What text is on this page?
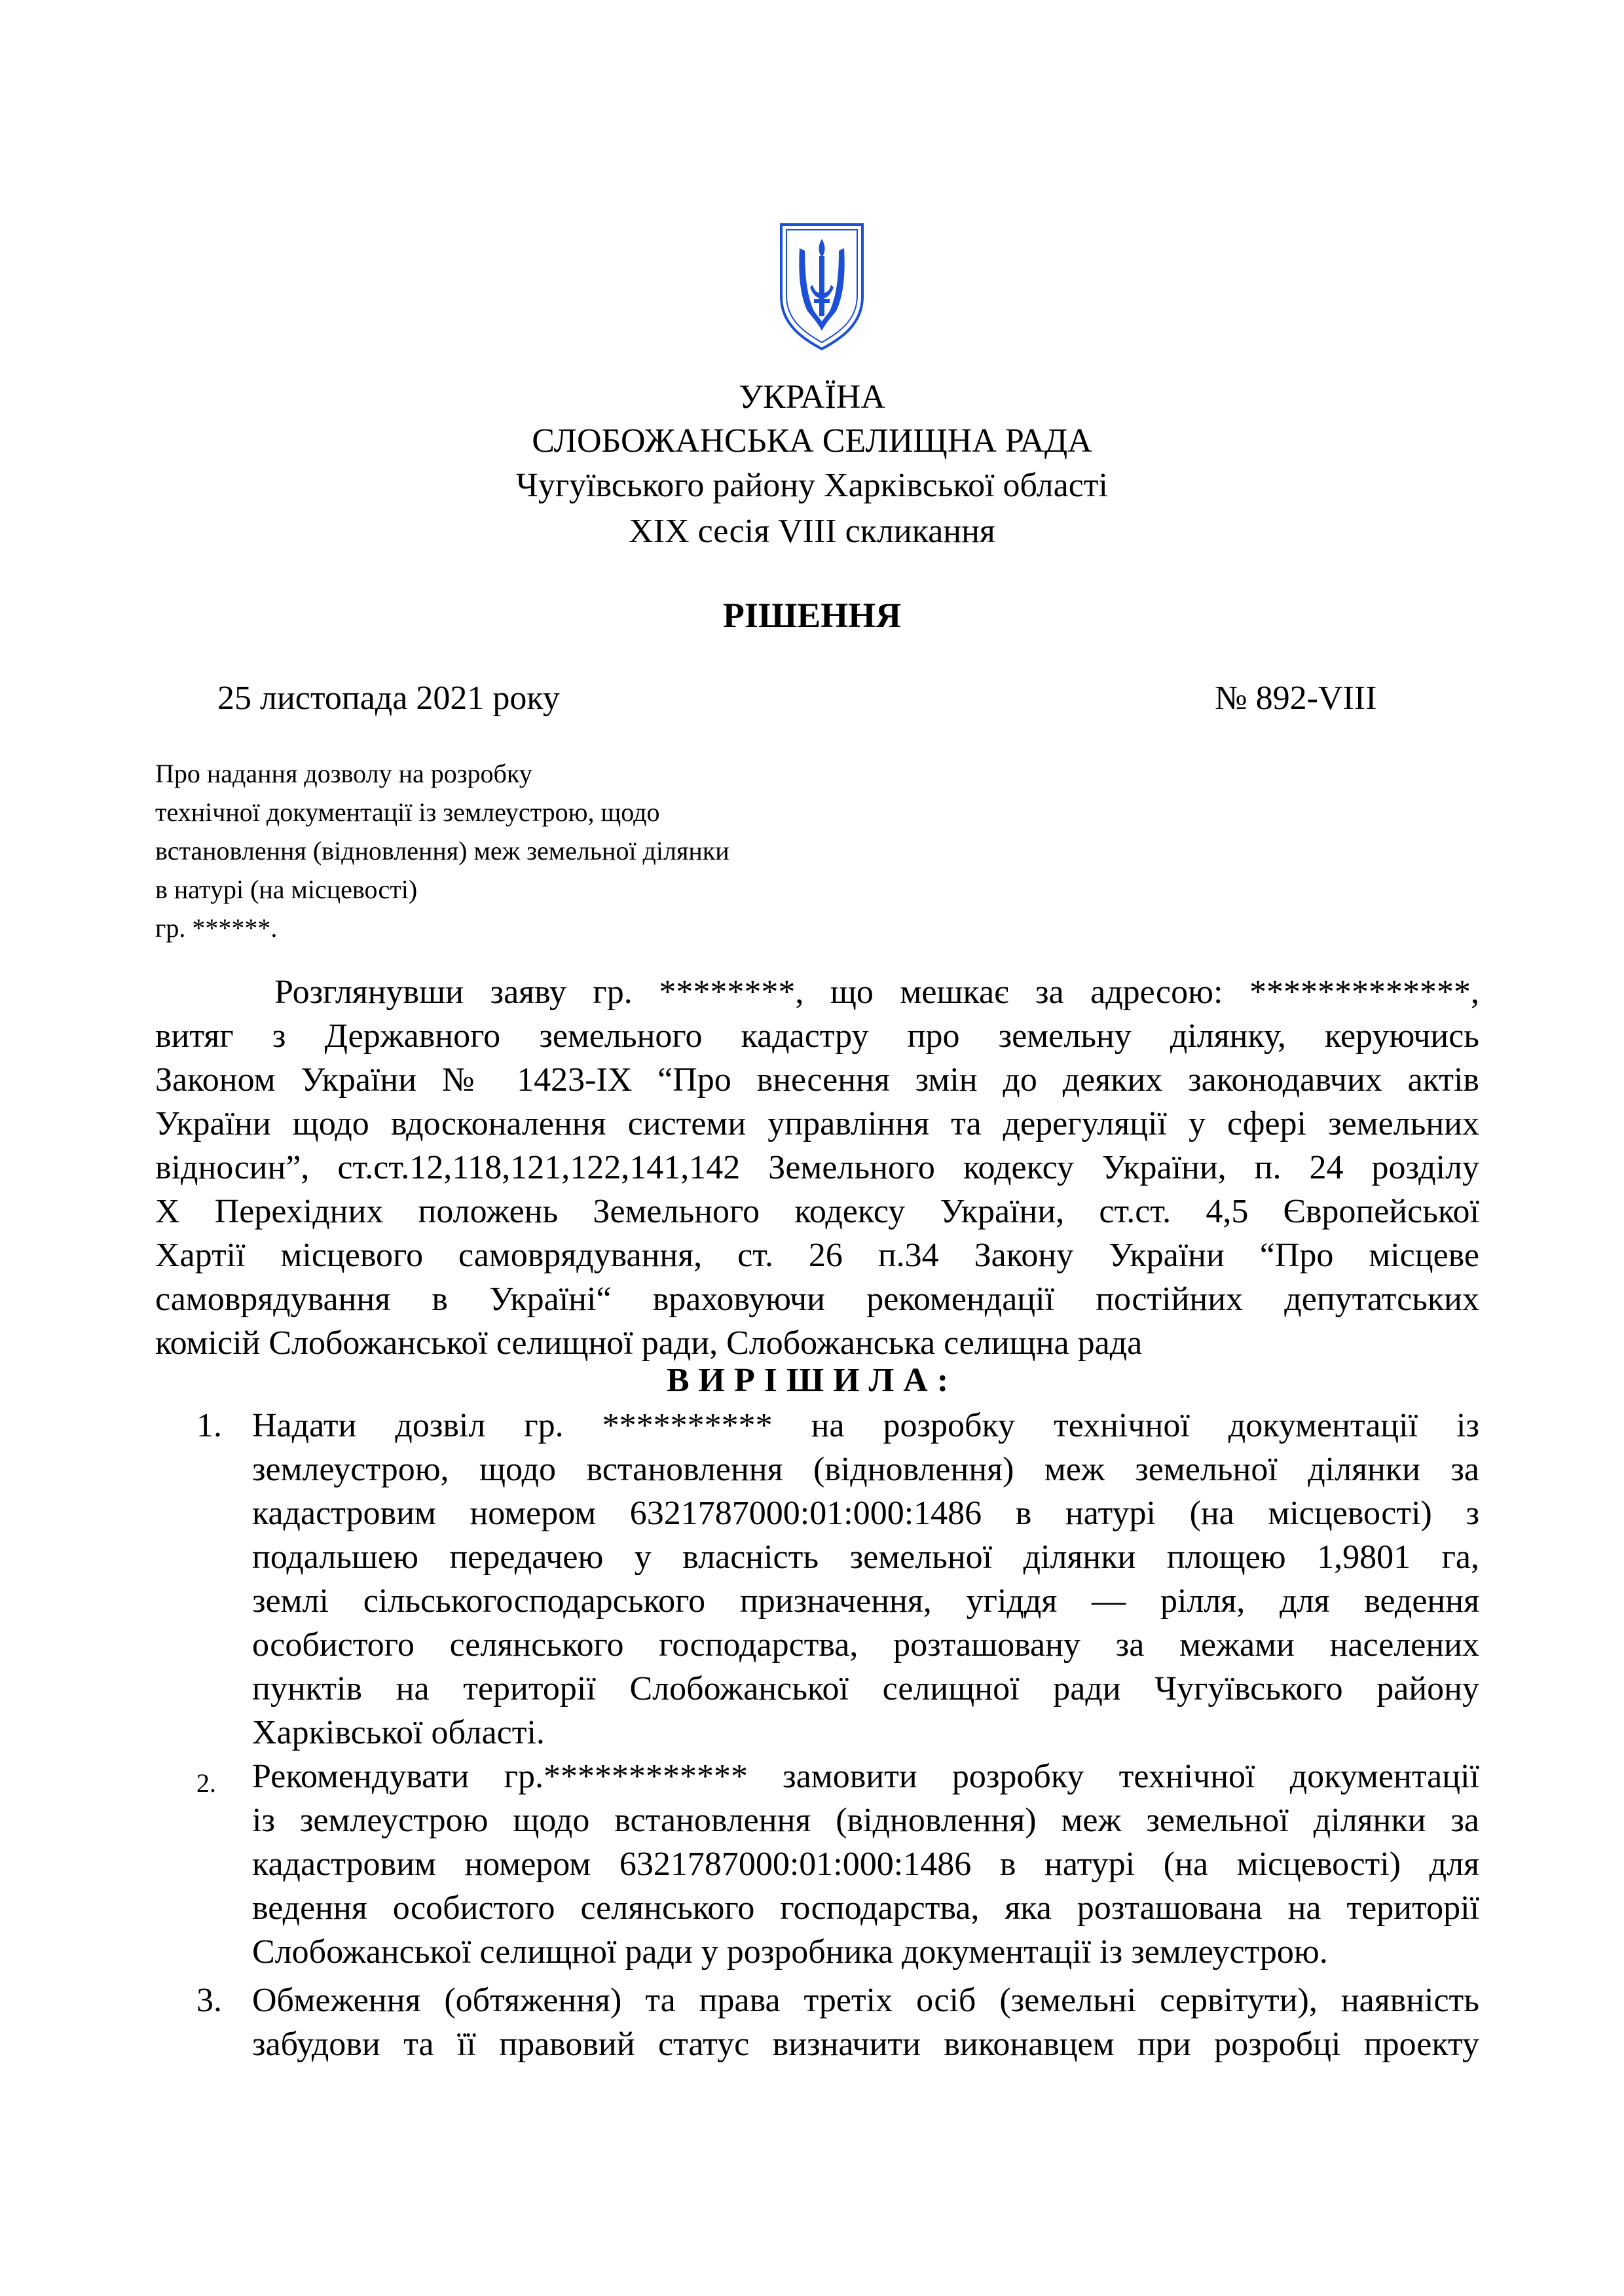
УКРАЇНА
СЛОБОЖАНСЬКА СЕЛИЩНА РАДА
Чугуївського району Харківської області
XIX сесія VIII скликання
РІШЕННЯ
25 листопада 2021 року	№ 892-VIII
Про надання дозволу на розробку
технічної документації із землеустрою, щодо
встановлення (відновлення) меж земельної ділянки
в натурі (на місцевості)
гр. ******.
Розглянувши заяву гр. ********, що мешкає за адресою: *************,
витяг з Державного земельного кадастру про земельну ділянку, керуючись
Законом України № 1423-IX “Про внесення змін до деяких законодавчих актів
України щодо вдосконалення системи управління та дерегуляції у сфері земельних
відносин”, ст.ст.12,118,121,122,141,142 Земельного кодексу України, п. 24 розділу
X Перехідних положень Земельного кодексу України, ст.ст. 4,5 Європейської
Хартії місцевого самоврядування, ст. 26 п.34 Закону України “Про місцеве
самоврядування в Україні“ враховуючи рекомендації постійних депутатських
комісій Слобожанської селищної ради, Слобожанська селищна рада
ВИРІШИЛА:
1. Надати дозвіл гр. ********** на розробку технічної документації із
землеустрою, щодо встановлення (відновлення) меж земельної ділянки за
кадастровим номером 6321787000:01:000:1486 в натурі (на місцевості) з
подальшею передачею у власність земельної ділянки площею 1,9801 га,
землі сільськогосподарського призначення, угіддя — рілля, для ведення
особистого селянського господарства, розташовану за межами населених
пунктів на території Слобожанської селищної ради Чугуївського району
Харківської області.
2. Рекомендувати гр.************ замовити розробку технічної документації
із землеустрою щодо встановлення (відновлення) меж земельної ділянки за
кадастровим номером 6321787000:01:000:1486 в натурі (на місцевості) для
ведення особистого селянського господарства, яка розташована на території
Слобожанської селищної ради у розробника документації із землеустрою.
3. Обмеження (обтяження) та права третіх осіб (земельні сервітути), наявність
забудови та її правовий статус визначити виконавцем при розробці проекту
